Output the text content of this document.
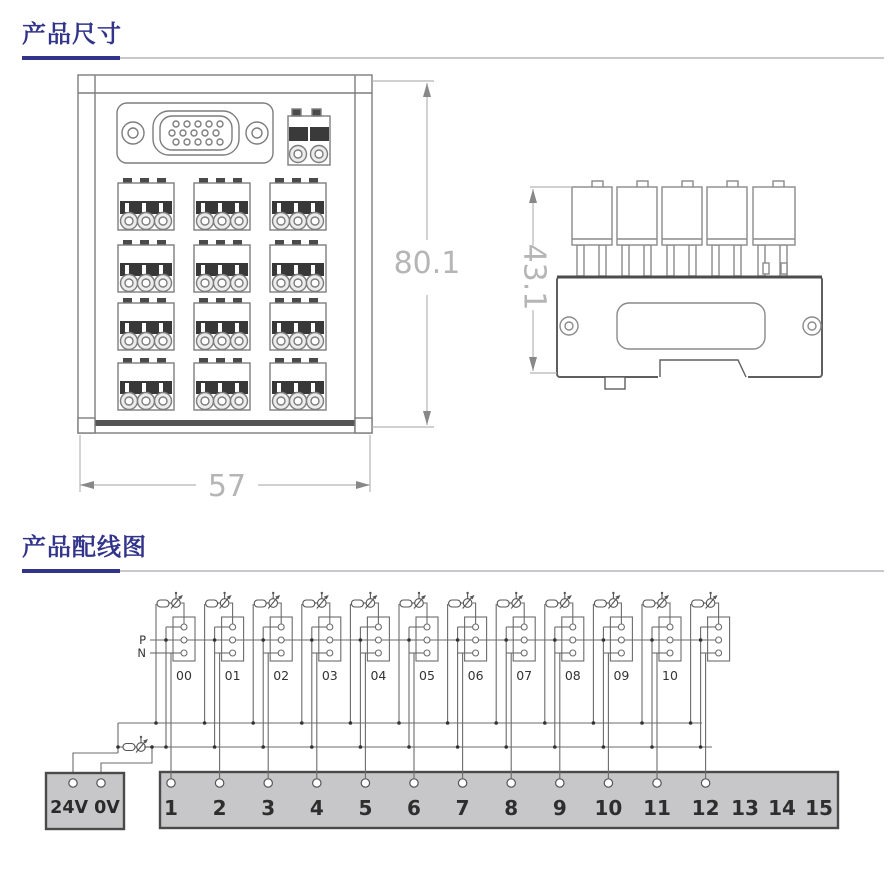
产品尺寸
产品配线图
80.1
57
43.1
P
N
24V 0V 1 2 3 4 5 6 7 8 9 10 11 12 13 14 15
00	01	02	03	04	05	06	07	08	09	10
